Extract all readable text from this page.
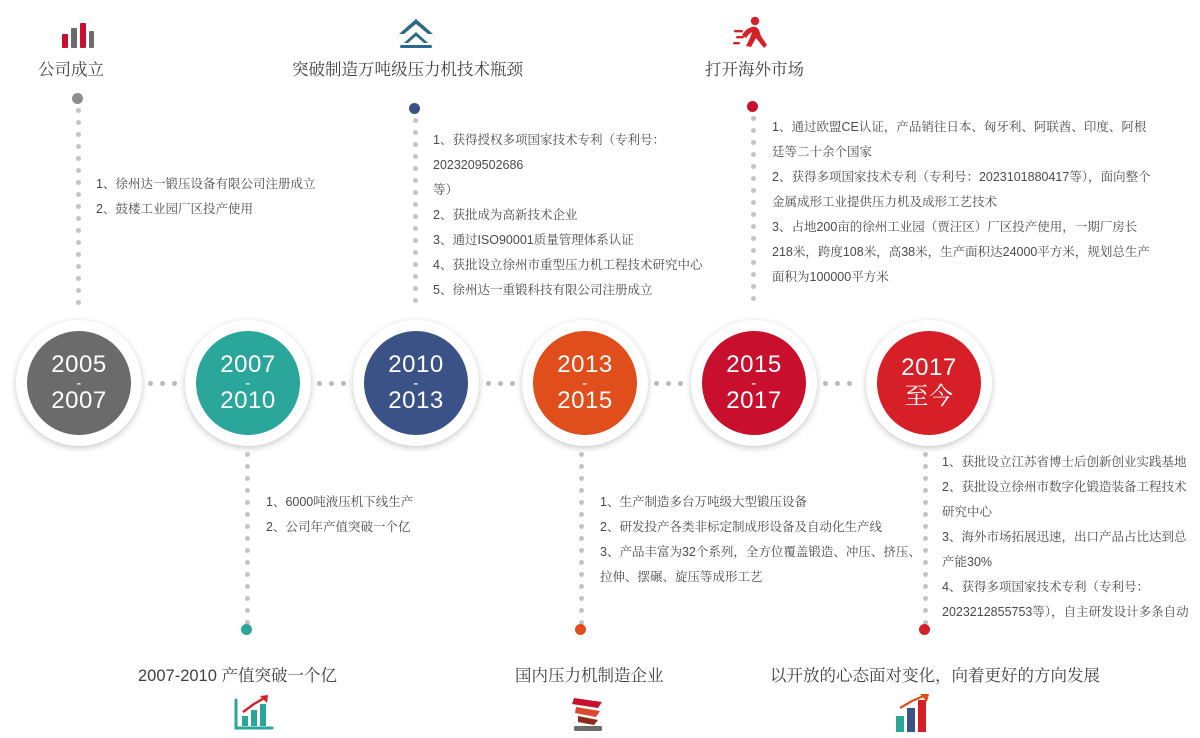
2005
-
2007
2007
-
2010
2010
-
2013
2013
-
2015
2015
-
2017
2017
至今
公司成立	突破制造万吨级压力机技术瓶颈	打开海外市场

1、徐州达一锻压设备有限公司注册成立

2、鼓楼工业园厂区投产使用

1、获得授权多项国家技术专利（专利号：2023209502686

等）

2、获批成为高新技术企业

3、通过ISO90001质量管理体系认证

4、获批设立徐州市重型压力机工程技术研究中心

5、徐州达一重锻科技有限公司注册成立

1、通过欧盟CE认证，产品销往日本、匈牙利、阿联酋、印度、阿根

廷等二十余个国家

2、获得多项国家技术专利（专利号：2023101880417等），面向整个

金属成形工业提供压力机及成形工艺技术

3、占地200亩的徐州工业园（贾汪区）厂区投产使用，一期厂房长

218米，跨度108米，高38米，生产面积达24000平方米，规划总生产

面积为100000平方米

1、6000吨液压机下线生产

2、公司年产值突破一个亿

1、生产制造多台万吨级大型锻压设备

2、研发投产各类非标定制成形设备及自动化生产线

3、产品丰富为32个系列，全方位覆盖锻造、冲压、挤压、

拉伸、摆碾、旋压等成形工艺

1、获批设立江苏省博士后创新创业实践基地

2、获批设立徐州市数字化锻造装备工程技术

研究中心

3、海外市场拓展迅速，出口产品占比达到总

产能30%

4、获得多项国家技术专利（专利号：

2023212855753等），自主研发设计多条自动

2007-2010 产值突破一个亿	国内压力机制造企业	以开放的心态面对变化，向着更好的方向发展
